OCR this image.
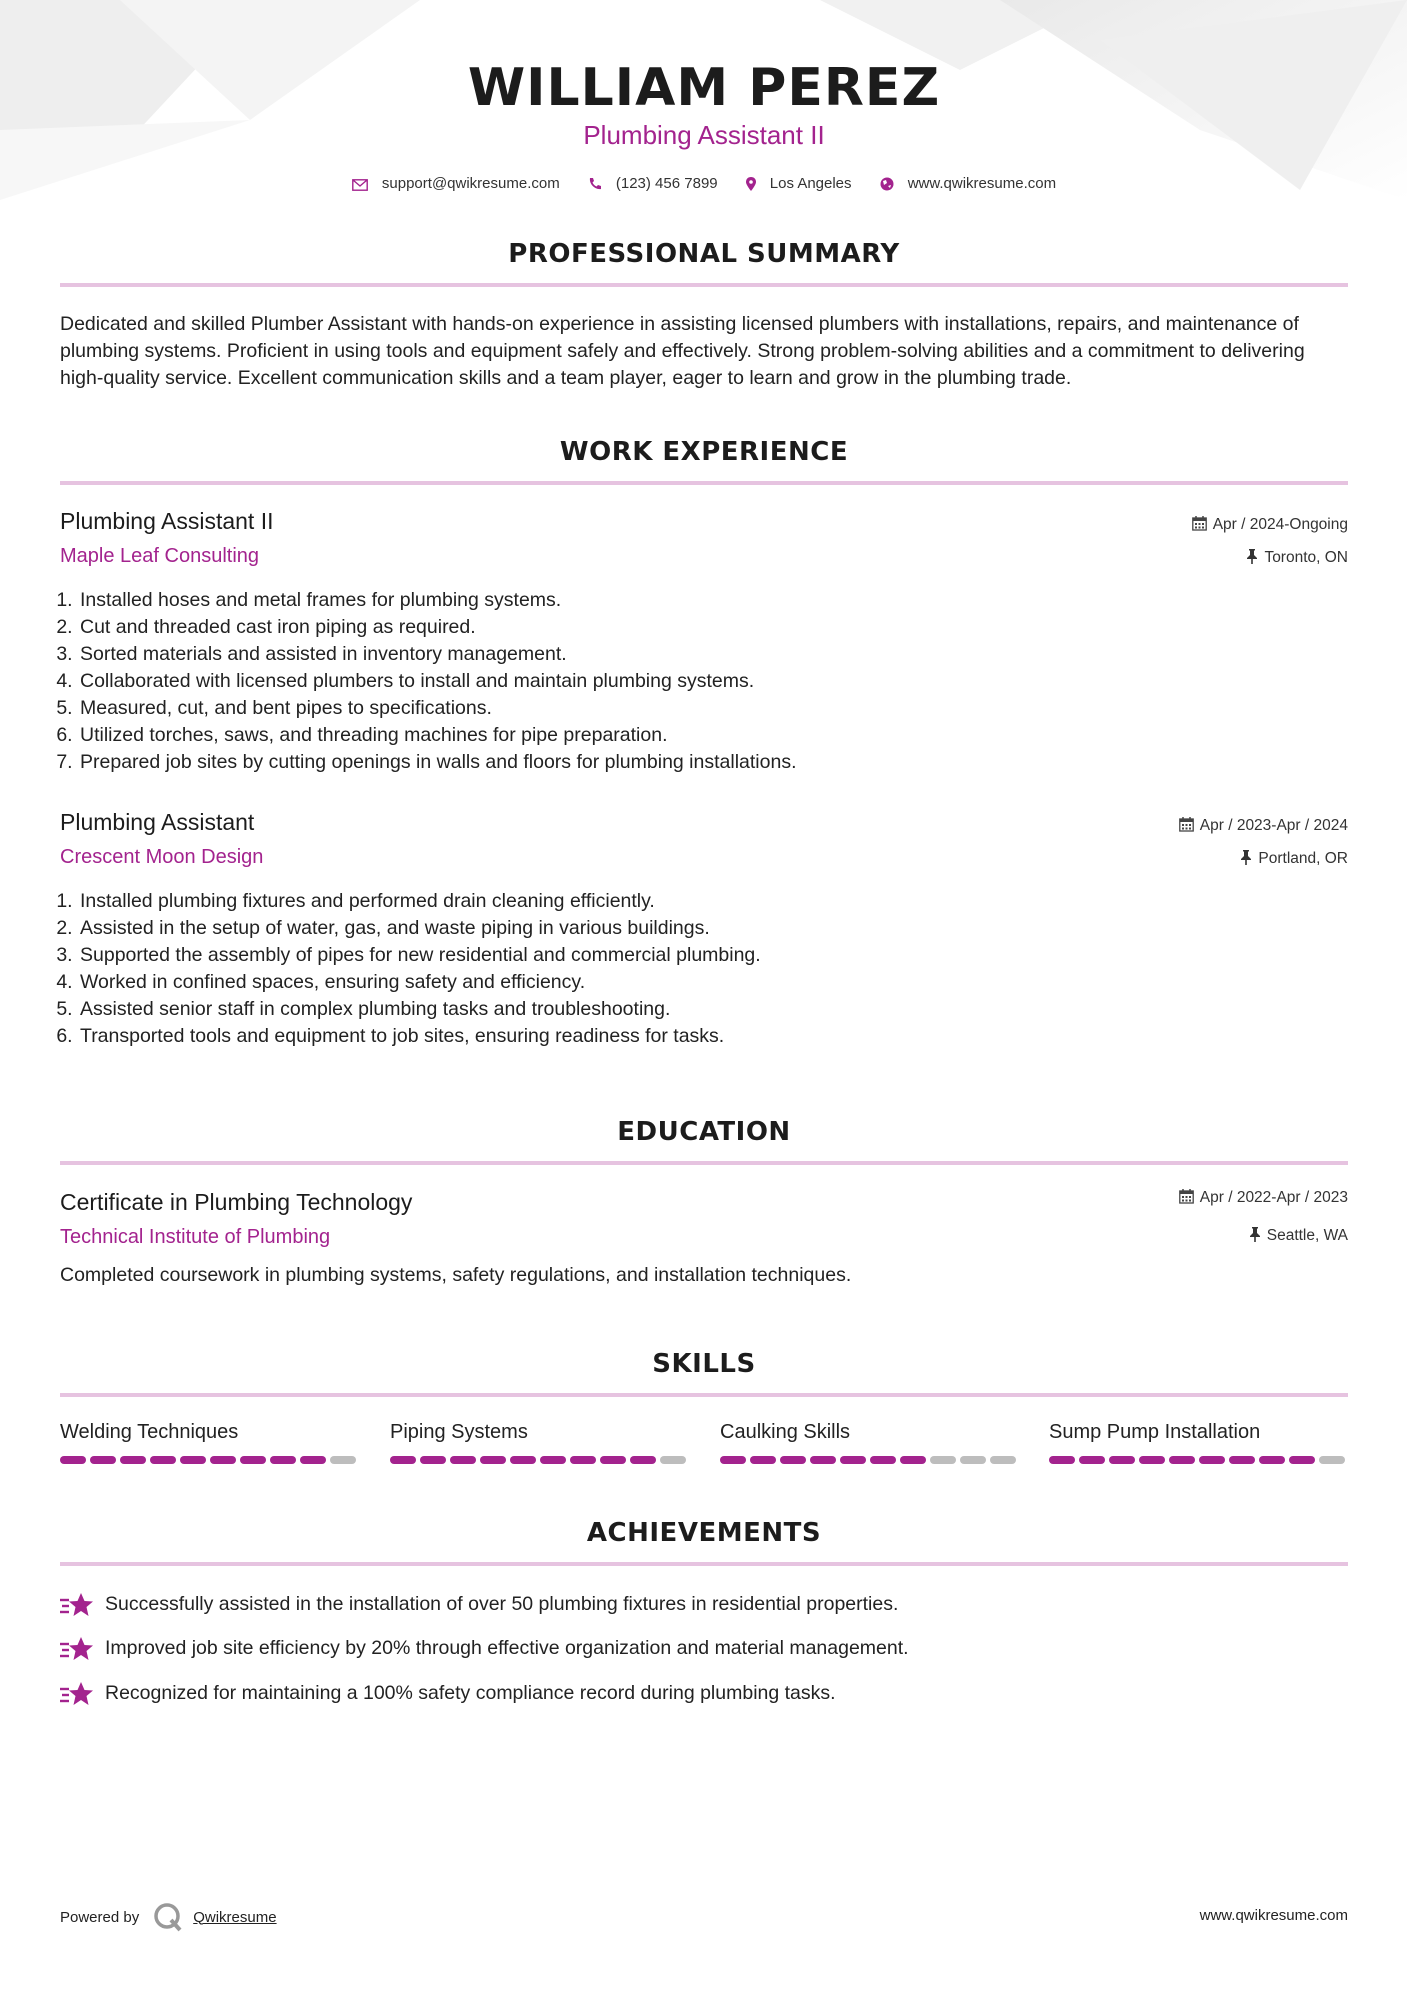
WILLIAM PEREZ
Plumbing Assistant II
support@qwikresume.com	(123) 456 7899	Los Angeles	www.qwikresume.com
PROFESSIONAL SUMMARY
Dedicated and skilled Plumber Assistant with hands-on experience in assisting licensed plumbers with installations, repairs, and maintenance of plumbing systems. Proficient in using tools and equipment safely and effectively. Strong problem-solving abilities and a commitment to delivering high-quality service. Excellent communication skills and a team player, eager to learn and grow in the plumbing trade.
WORK EXPERIENCE
Plumbing Assistant II
Maple Leaf Consulting
Apr / 2024-Ongoing
Toronto, ON
1. Installed hoses and metal frames for plumbing systems.
2. Cut and threaded cast iron piping as required.
3. Sorted materials and assisted in inventory management.
4. Collaborated with licensed plumbers to install and maintain plumbing systems.
5. Measured, cut, and bent pipes to specifications.
6. Utilized torches, saws, and threading machines for pipe preparation.
7. Prepared job sites by cutting openings in walls and floors for plumbing installations.
Plumbing Assistant
Crescent Moon Design
Apr / 2023-Apr / 2024
Portland, OR
1. Installed plumbing fixtures and performed drain cleaning efficiently.
2. Assisted in the setup of water, gas, and waste piping in various buildings.
3. Supported the assembly of pipes for new residential and commercial plumbing.
4. Worked in confined spaces, ensuring safety and efficiency.
5. Assisted senior staff in complex plumbing tasks and troubleshooting.
6. Transported tools and equipment to job sites, ensuring readiness for tasks.
EDUCATION
Certificate in Plumbing Technology
Technical Institute of Plumbing
Apr / 2022-Apr / 2023
Seattle, WA
Completed coursework in plumbing systems, safety regulations, and installation techniques.
SKILLS
Welding Techniques	Piping Systems	Caulking Skills	Sump Pump Installation
ACHIEVEMENTS
Successfully assisted in the installation of over 50 plumbing fixtures in residential properties.
Improved job site efficiency by 20% through effective organization and material management.
Recognized for maintaining a 100% safety compliance record during plumbing tasks.
Powered by	Qwikresume	www.qwikresume.com
